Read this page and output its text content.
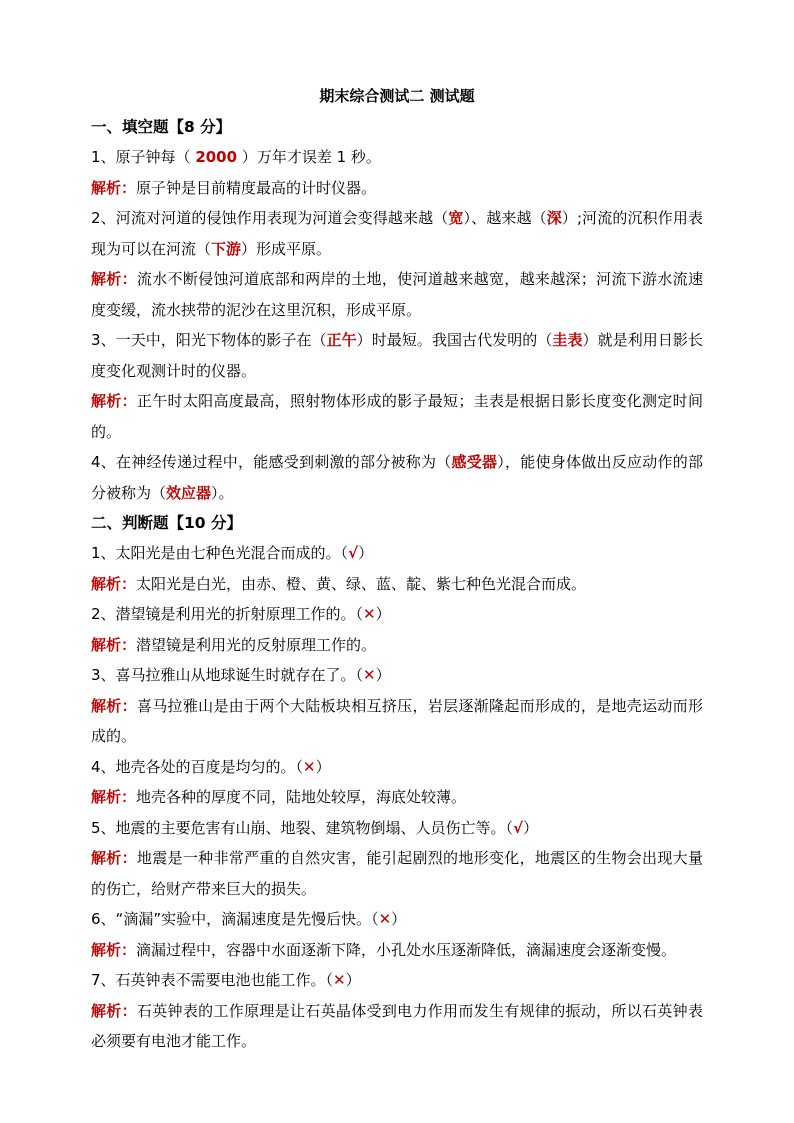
期末综合测试二 测试题
一、填空题【8 分】

1、原子钟每（ 2000 ）万年才误差 1 秒。

解析：原子钟是目前精度最高的计时仪器。

2、河流对河道的侵蚀作用表现为河道会变得越来越（宽）、越来越（深）;河流的沉积作用表现为可以在河流（下游）形成平原。

解析：流水不断侵蚀河道底部和两岸的土地，使河道越来越宽，越来越深；河流下游水流速度变缓，流水挟带的泥沙在这里沉积，形成平原。

3、一天中，阳光下物体的影子在（正午）时最短。我国古代发明的（圭表）就是利用日影长度变化观测计时的仪器。

解析：正午时太阳高度最高，照射物体形成的影子最短；圭表是根据日影长度变化测定时间的。

4、在神经传递过程中，能感受到刺激的部分被称为（感受器），能使身体做出反应动作的部分被称为（效应器）。

二、判断题【10 分】

1、太阳光是由七种色光混合而成的。（√）

解析：太阳光是白光，由赤、橙、黄、绿、蓝、靛、紫七种色光混合而成。

2、潜望镜是利用光的折射原理工作的。（✕）

解析：潜望镜是利用光的反射原理工作的。

3、喜马拉雅山从地球诞生时就存在了。（✕）

解析：喜马拉雅山是由于两个大陆板块相互挤压，岩层逐渐隆起而形成的，是地壳运动而形成的。

4、地壳各处的百度是均匀的。（✕）

解析：地壳各种的厚度不同，陆地处较厚，海底处较薄。

5、地震的主要危害有山崩、地裂、建筑物倒塌、人员伤亡等。（√）

解析：地震是一种非常严重的自然灾害，能引起剧烈的地形变化，地震区的生物会出现大量的伤亡，给财产带来巨大的损失。

6、“滴漏”实验中，滴漏速度是先慢后快。（✕）

解析：滴漏过程中，容器中水面逐渐下降，小孔处水压逐渐降低，滴漏速度会逐渐变慢。

7、石英钟表不需要电池也能工作。（✕）

解析：石英钟表的工作原理是让石英晶体受到电力作用而发生有规律的振动，所以石英钟表必须要有电池才能工作。
